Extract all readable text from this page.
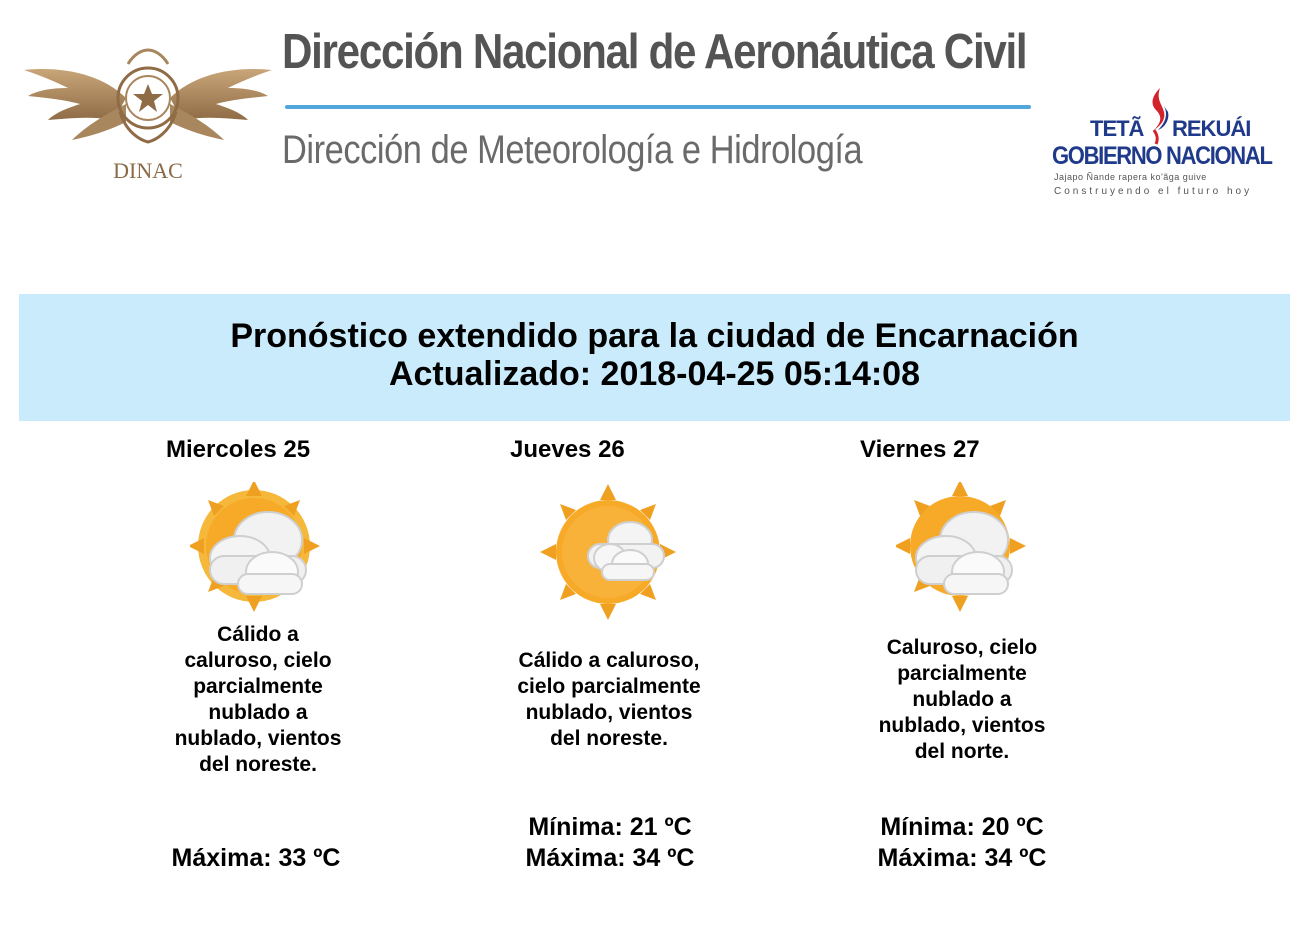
DINAC
Dirección Nacional de Aeronáutica Civil
Dirección de Meteorología e Hidrología	TETÃ REKUÁI
GOBIERNO NACIONAL
Jajapo Ñande rapera ko'ãga guive
Construyendo el futuro hoy
Pronóstico extendido para la ciudad de Encarnación
Actualizado: 2018-04-25 05:14:08
Miercoles 25
Cálido a
caluroso, cielo
parcialmente
nublado a
nublado, vientos
del noreste.
Máxima: 33 ºC
Jueves 26
Cálido a caluroso,
cielo parcialmente
nublado, vientos
del noreste.
Mínima: 21 ºC
Máxima: 34 ºC
Viernes 27
Caluroso, cielo
parcialmente
nublado a
nublado, vientos
del norte.
Mínima: 20 ºC
Máxima: 34 ºC
